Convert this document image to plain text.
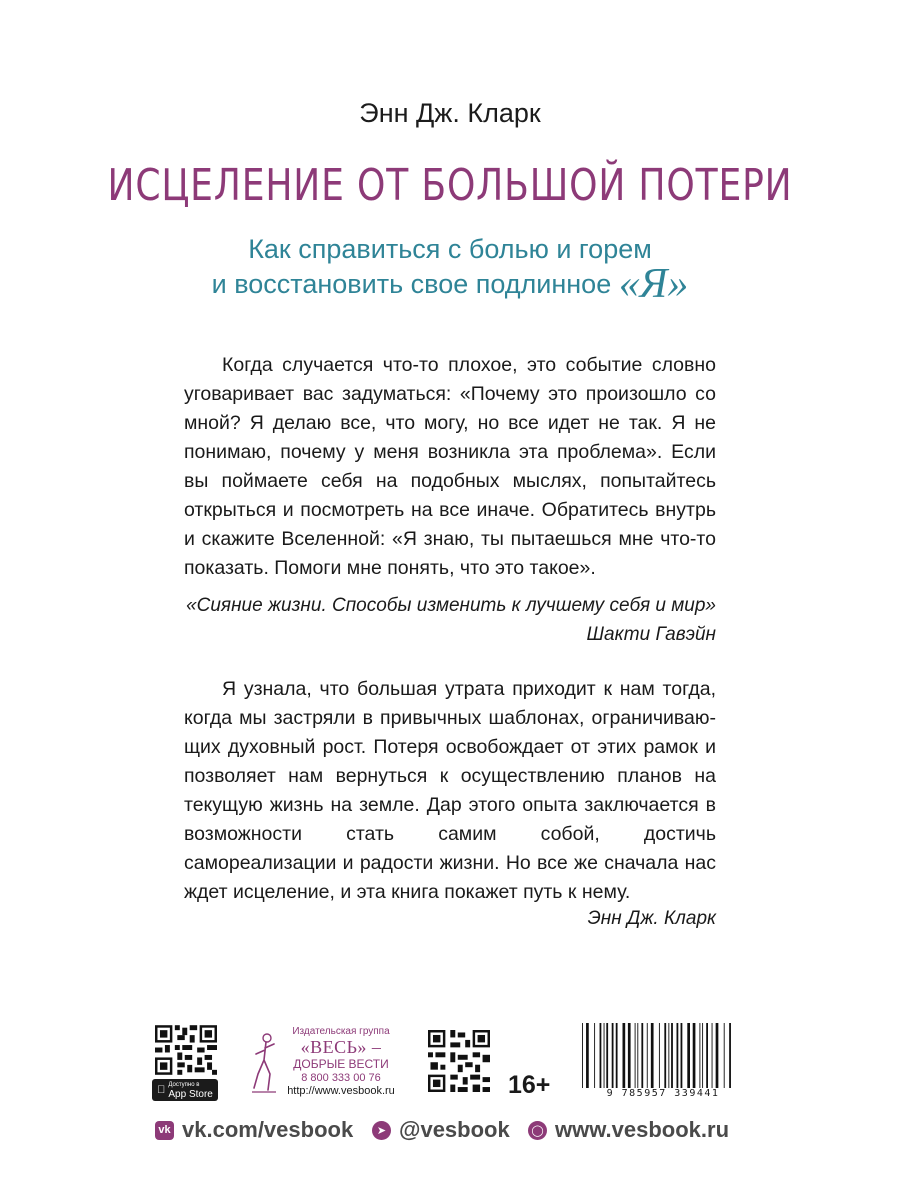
Энн Дж. Кларк
ИСЦЕЛЕНИЕ ОТ БОЛЬШОЙ ПОТЕРИ
Как справиться с болью и горем
и восстановить свое подлинное «Я»
Когда случается что-то плохое, это событие словно уговаривает вас задуматься: «Почему это произошло со мной? Я делаю все, что могу, но все идет не так. Я не понимаю, почему у меня возникла эта проблема». Если вы поймаете себя на подобных мыслях, попытайтесь открыться и посмотреть на все иначе. Обратитесь внутрь и скажите Вселенной: «Я знаю, ты пытаешься мне что-то показать. Помоги мне понять, что это такое».
«Сияние жизни. Способы изменить к лучшему себя и мир»
Шакти Гавэйн
Я узнала, что большая утрата приходит к нам тогда, когда мы застряли в привычных шаблонах, ограничиваю-щих духовный рост. Потеря освобождает от этих рамок и позволяет нам вернуться к осуществлению планов на текущую жизнь на земле. Дар этого опыта заключается в возможности стать самим собой, достичь самореализации и радости жизни. Но все же сначала нас ждет исцеление, и эта книга покажет путь к нему.
Энн Дж. Кларк
Доступно в
App Store
Издательская группа
«ВЕСЬ» –
ДОБРЫЕ ВЕСТИ
8 800 333 00 76
http://www.vesbook.ru	16+	9 785957 339441
vk vk.com/vesbook	➤ @vesbook	◯ www.vesbook.ru
